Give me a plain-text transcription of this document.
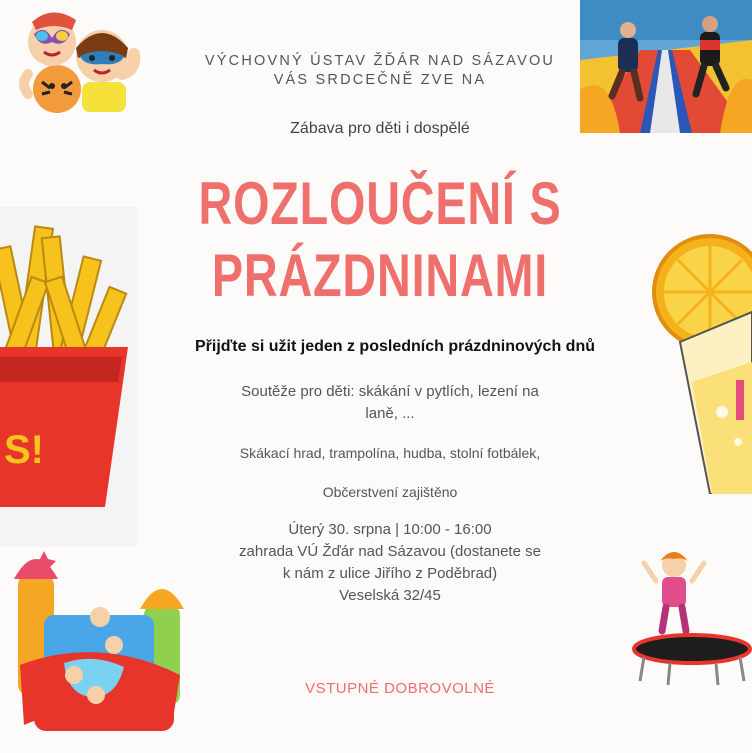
S!
VÝCHOVNÝ ÚSTAV ŽĎÁR NAD SÁZAVOU
VÁS SRDCEČNĚ ZVE NA
Zábava pro děti i dospělé
ROZLOUČENÍ S
PRÁZDNINAMI
Přijďte si užit jeden z posledních prázdninových dnů
Soutěže pro děti: skákání v pytlích, lezení na
laně, ...
Skákací hrad, trampolína, hudba, stolní fotbálek,
Občerstvení zajištěno
Úterý 30. srpna | 10:00 - 16:00
zahrada VÚ Žďár nad Sázavou (dostanete se
k nám z ulice Jiřího z Poděbrad)
Veselská 32/45
VSTUPNÉ DOBROVOLNÉ
